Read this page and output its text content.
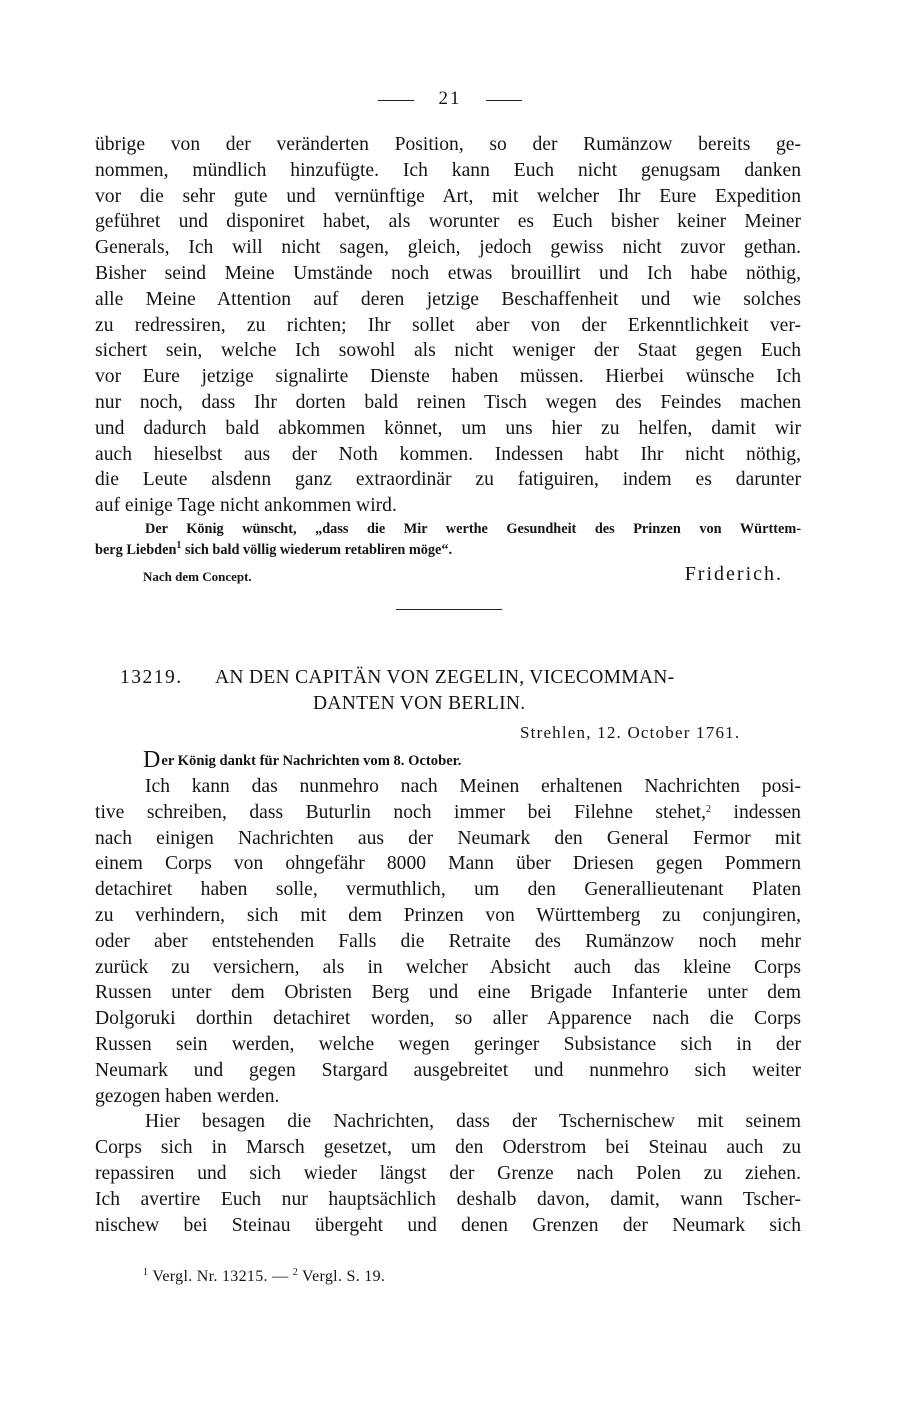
21
übrige von der veränderten Position, so der Rumänzow bereits ge-
nommen, mündlich hinzufügte. Ich kann Euch nicht genugsam danken
vor die sehr gute und vernünftige Art, mit welcher Ihr Eure Expedition
geführet und disponiret habet, als worunter es Euch bisher keiner Meiner
Generals, Ich will nicht sagen, gleich, jedoch gewiss nicht zuvor gethan.
Bisher seind Meine Umstände noch etwas brouillirt und Ich habe nöthig,
alle Meine Attention auf deren jetzige Beschaffenheit und wie solches
zu redressiren, zu richten; Ihr sollet aber von der Erkenntlichkeit ver-
sichert sein, welche Ich sowohl als nicht weniger der Staat gegen Euch
vor Eure jetzige signalirte Dienste haben müssen. Hierbei wünsche Ich
nur noch, dass Ihr dorten bald reinen Tisch wegen des Feindes machen
und dadurch bald abkommen könnet, um uns hier zu helfen, damit wir
auch hieselbst aus der Noth kommen. Indessen habt Ihr nicht nöthig,
die Leute alsdenn ganz extraordinär zu fatiguiren, indem es darunter
auf einige Tage nicht ankommen wird.
Der König wünscht, „dass die Mir werthe Gesundheit des Prinzen von Württem-
berg Liebden$^1$ sich bald völlig wiederum retabliren möge“.
Nach dem Concept.	Friderich.
13219. AN DEN CAPITÄN VON ZEGELIN, VICECOMMAN-
DANTEN VON BERLIN.
Strehlen, 12. October 1761.
Der König dankt für Nachrichten vom 8. October.
Ich kann das nunmehro nach Meinen erhaltenen Nachrichten posi-
tive schreiben, dass Buturlin noch immer bei Filehne stehet,$^2$ indessen
nach einigen Nachrichten aus der Neumark den General Fermor mit
einem Corps von ohngefähr 8000 Mann über Driesen gegen Pommern
detachiret haben solle, vermuthlich, um den Generallieutenant Platen
zu verhindern, sich mit dem Prinzen von Württemberg zu conjungiren,
oder aber entstehenden Falls die Retraite des Rumänzow noch mehr
zurück zu versichern, als in welcher Absicht auch das kleine Corps
Russen unter dem Obristen Berg und eine Brigade Infanterie unter dem
Dolgoruki dorthin detachiret worden, so aller Apparence nach die Corps
Russen sein werden, welche wegen geringer Subsistance sich in der
Neumark und gegen Stargard ausgebreitet und nunmehro sich weiter
gezogen haben werden.
Hier besagen die Nachrichten, dass der Tschernischew mit seinem
Corps sich in Marsch gesetzet, um den Oderstrom bei Steinau auch zu
repassiren und sich wieder längst der Grenze nach Polen zu ziehen.
Ich avertire Euch nur hauptsächlich deshalb davon, damit, wann Tscher-
nischew bei Steinau übergeht und denen Grenzen der Neumark sich
$^1$ Vergl. Nr. 13215. — $^2$ Vergl. S. 19.
